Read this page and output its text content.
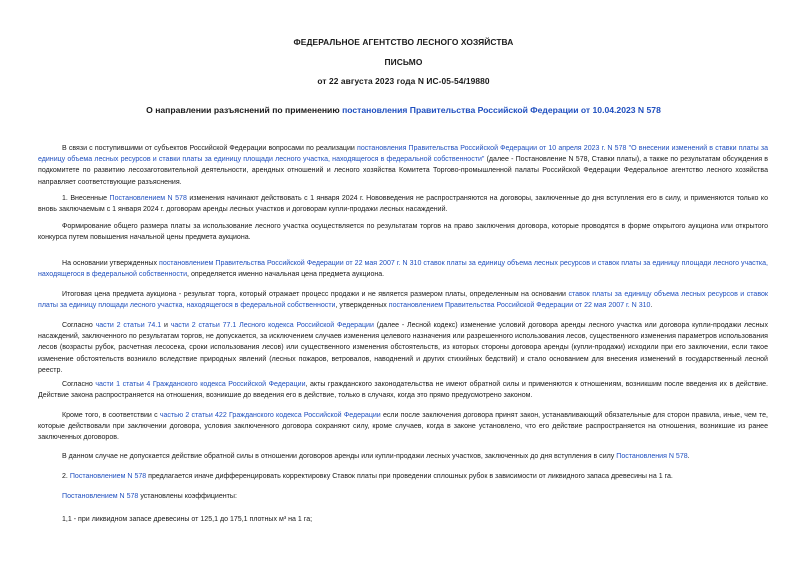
ФЕДЕРАЛЬНОЕ АГЕНТСТВО ЛЕСНОГО ХОЗЯЙСТВА
ПИСЬМО
от 22 августа 2023 года N ИС-05-54/19880
О направлении разъяснений по применению постановления Правительства Российской Федерации от 10.04.2023 N 578

В связи с поступившими от субъектов Российской Федерации вопросами по реализации постановления Правительства Российской Федерации от 10 апреля 2023 г. N 578 "О внесении изменений в ставки платы за единицу объема лесных ресурсов и ставки платы за единицу площади лесного участка, находящегося в федеральной собственности" (далее - Постановление N 578, Ставки платы), а также по результатам обсуждения в подкомитете по развитию лесозаготовительной деятельности, арендных отношений и лесного хозяйства Комитета Торгово-промышленной палаты Российской Федерации Федеральное агентство лесного хозяйства направляет соответствующие разъяснения.

1. Внесенные Постановлением N 578 изменения начинают действовать с 1 января 2024 г. Нововведения не распространяются на договоры, заключенные до дня вступления его в силу, и применяются только ко вновь заключаемым с 1 января 2024 г. договорам аренды лесных участков и договорам купли-продажи лесных насаждений.

Формирование общего размера платы за использование лесного участка осуществляется по результатам торгов на право заключения договора, которые проводятся в форме открытого аукциона или открытого конкурса путем повышения начальной цены предмета аукциона.

На основании утвержденных постановлением Правительства Российской Федерации от 22 мая 2007 г. N 310 ставок платы за единицу объема лесных ресурсов и ставок платы за единицу площади лесного участка, находящегося в федеральной собственности, определяется именно начальная цена предмета аукциона.

Итоговая цена предмета аукциона - результат торга, который отражает процесс продажи и не является размером платы, определенным на основании ставок платы за единицу объема лесных ресурсов и ставок платы за единицу площади лесного участка, находящегося в федеральной собственности, утвержденных постановлением Правительства Российской Федерации от 22 мая 2007 г. N 310.

Согласно части 2 статьи 74.1 и части 2 статьи 77.1 Лесного кодекса Российской Федерации (далее - Лесной кодекс) изменение условий договора аренды лесного участка или договора купли-продажи лесных насаждений, заключенного по результатам торгов, не допускается, за исключением случаев изменения целевого назначения или разрешенного использования лесов, существенного изменения параметров использования лесов (возрасты рубок, расчетная лесосека, сроки использования лесов) или существенного изменения обстоятельств, из которых стороны договора аренды (купли-продажи) исходили при его заключении, если такое изменение обстоятельств возникло вследствие природных явлений (лесных пожаров, ветровалов, наводнений и других стихийных бедствий) и стало основанием для внесения изменений в государственный лесной реестр.

Согласно части 1 статьи 4 Гражданского кодекса Российской Федерации, акты гражданского законодательства не имеют обратной силы и применяются к отношениям, возникшим после введения их в действие. Действие закона распространяется на отношения, возникшие до введения его в действие, только в случаях, когда это прямо предусмотрено законом.

Кроме того, в соответствии с частью 2 статьи 422 Гражданского кодекса Российской Федерации если после заключения договора принят закон, устанавливающий обязательные для сторон правила, иные, чем те, которые действовали при заключении договора, условия заключенного договора сохраняют силу, кроме случаев, когда в законе установлено, что его действие распространяется на отношения, возникшие из ранее заключенных договоров.

В данном случае не допускается действие обратной силы в отношении договоров аренды или купли-продажи лесных участков, заключенных до дня вступления в силу Постановления N 578.

2. Постановлением N 578 предлагается иначе дифференцировать корректировку Ставок платы при проведении сплошных рубок в зависимости от ликвидного запаса древесины на 1 га.

Постановлением N 578 установлены коэффициенты:

1,1 - при ликвидном запасе древесины от 125,1 до 175,1 плотных м³ на 1 га;
